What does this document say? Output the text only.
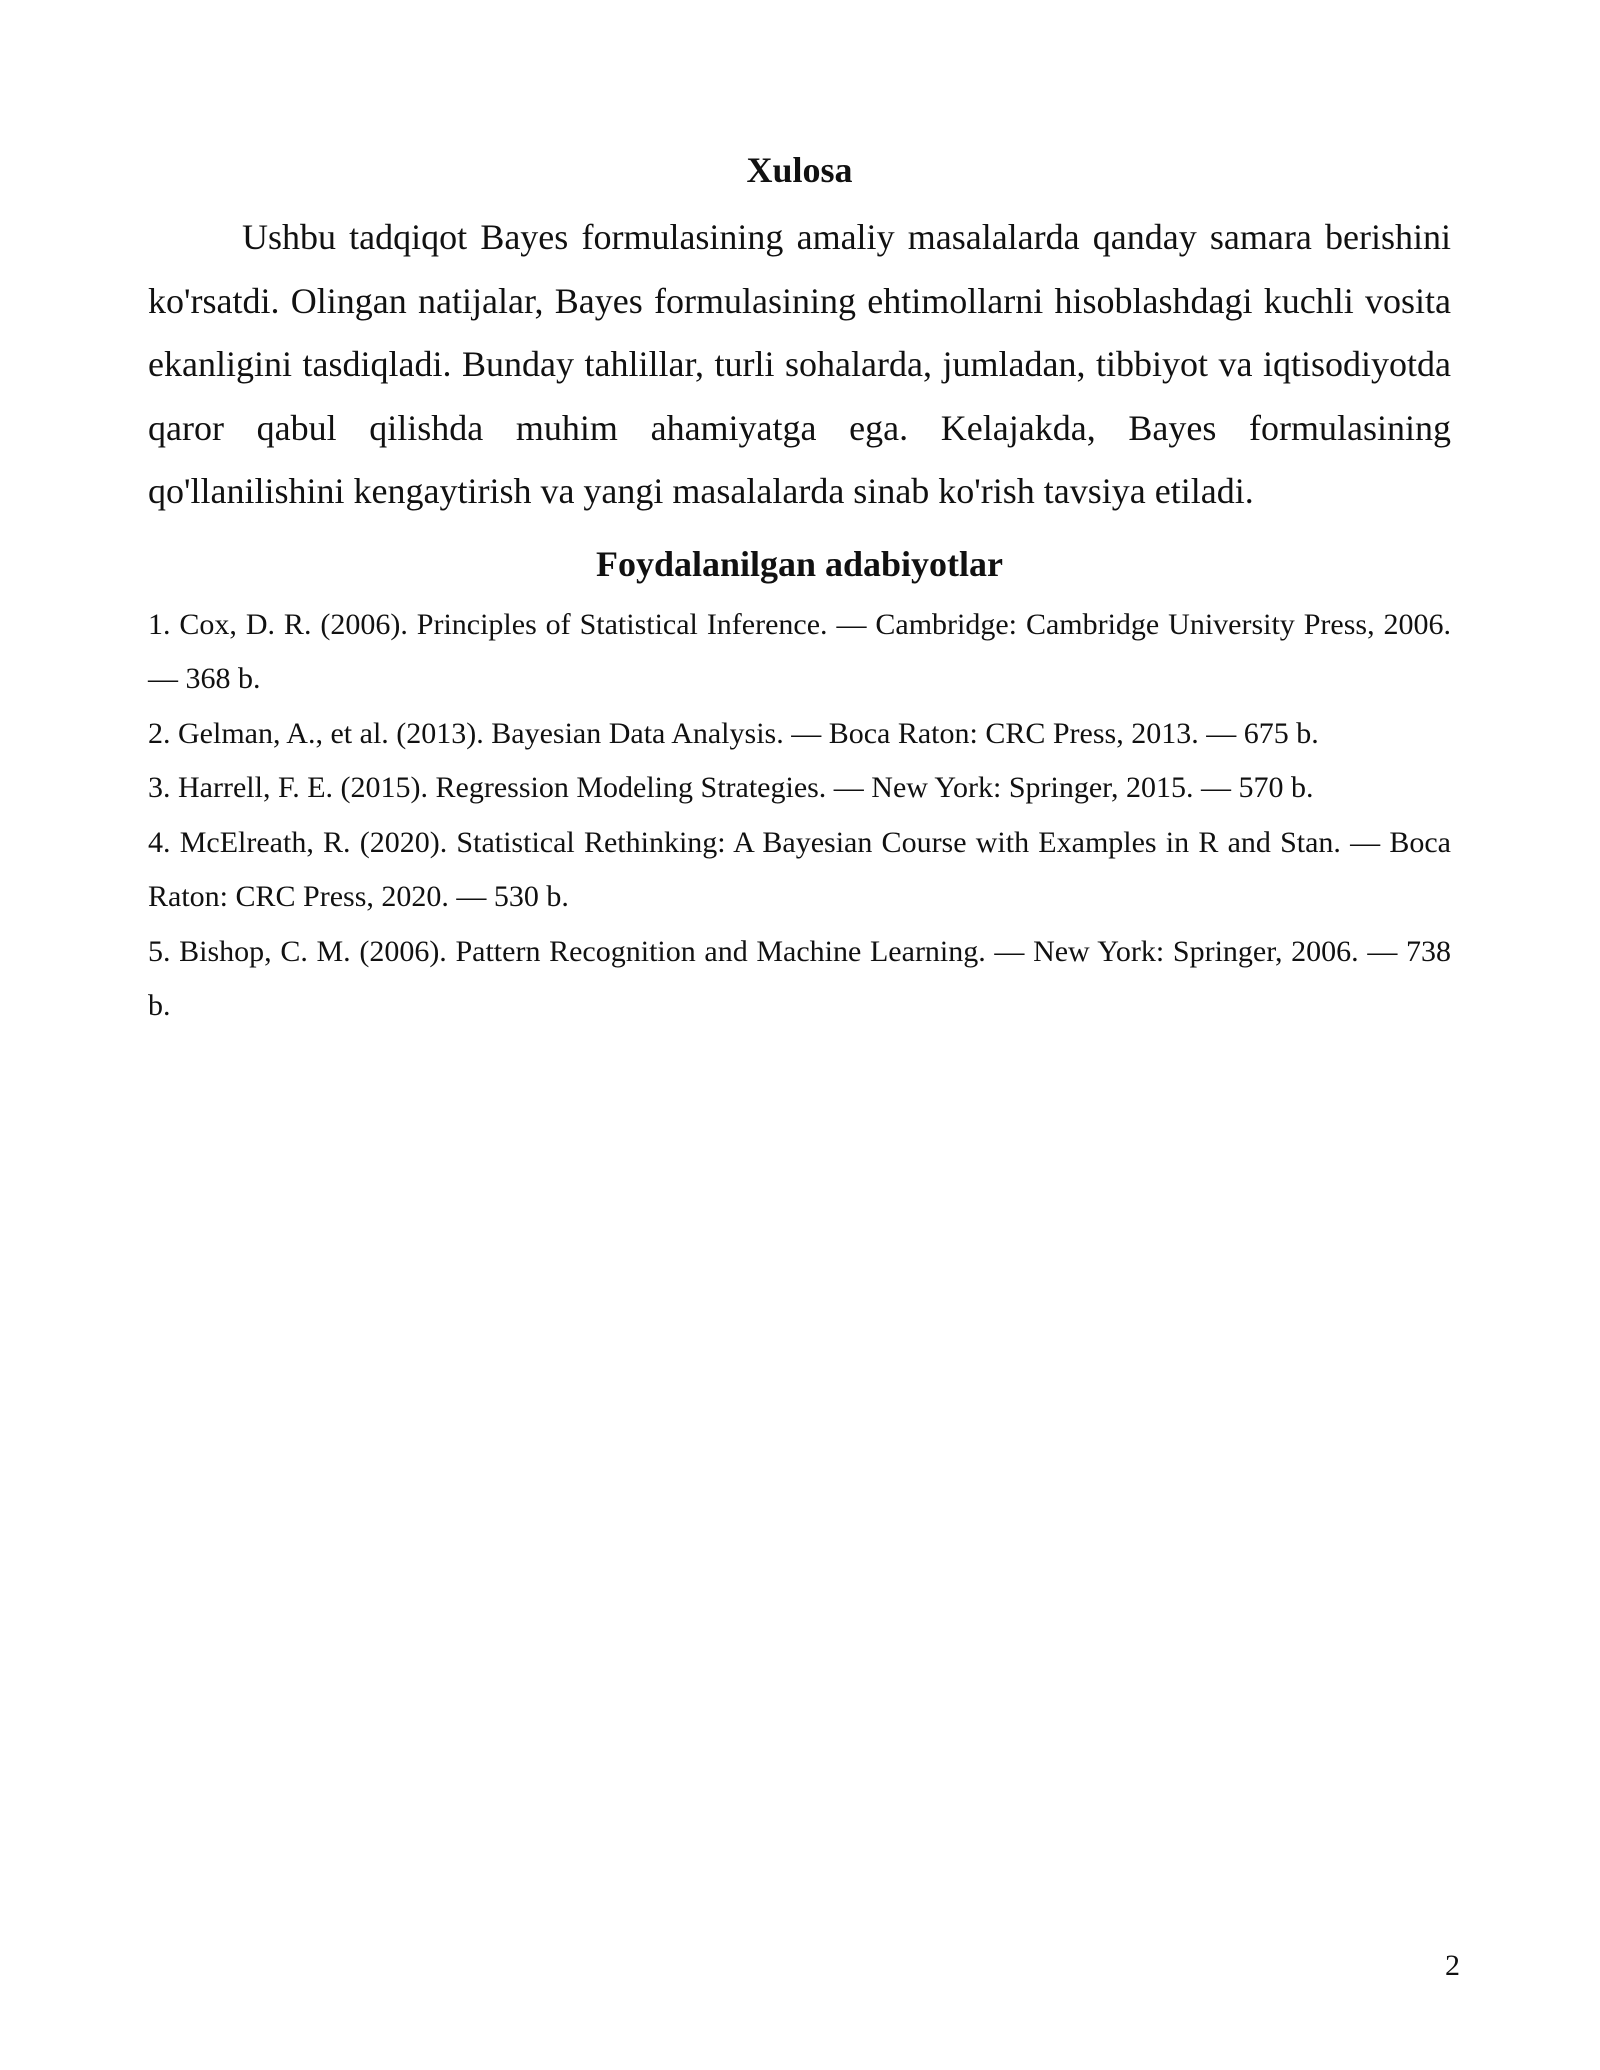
Xulosa

Ushbu tadqiqot Bayes formulasining amaliy masalalarda qanday samara berishini ko'rsatdi. Olingan natijalar, Bayes formulasining ehtimollarni hisoblashdagi kuchli vosita ekanligini tasdiqladi. Bunday tahlillar, turli sohalarda, jumladan, tibbiyot va iqtisodiyotda qaror qabul qilishda muhim ahamiyatga ega. Kelajakda, Bayes formulasining qo'llanilishini kengaytirish va yangi masalalarda sinab ko'rish tavsiya etiladi.

Foydalanilgan adabiyotlar
1. Cox, D. R. (2006). Principles of Statistical Inference. — Cambridge: Cambridge University Press, 2006. — 368 b.
2. Gelman, A., et al. (2013). Bayesian Data Analysis. — Boca Raton: CRC Press, 2013. — 675 b.
3. Harrell, F. E. (2015). Regression Modeling Strategies. — New York: Springer, 2015. — 570 b.
4. McElreath, R. (2020). Statistical Rethinking: A Bayesian Course with Examples in R and Stan. — Boca Raton: CRC Press, 2020. — 530 b.
5. Bishop, C. M. (2006). Pattern Recognition and Machine Learning. — New York: Springer, 2006. — 738 b.
2
